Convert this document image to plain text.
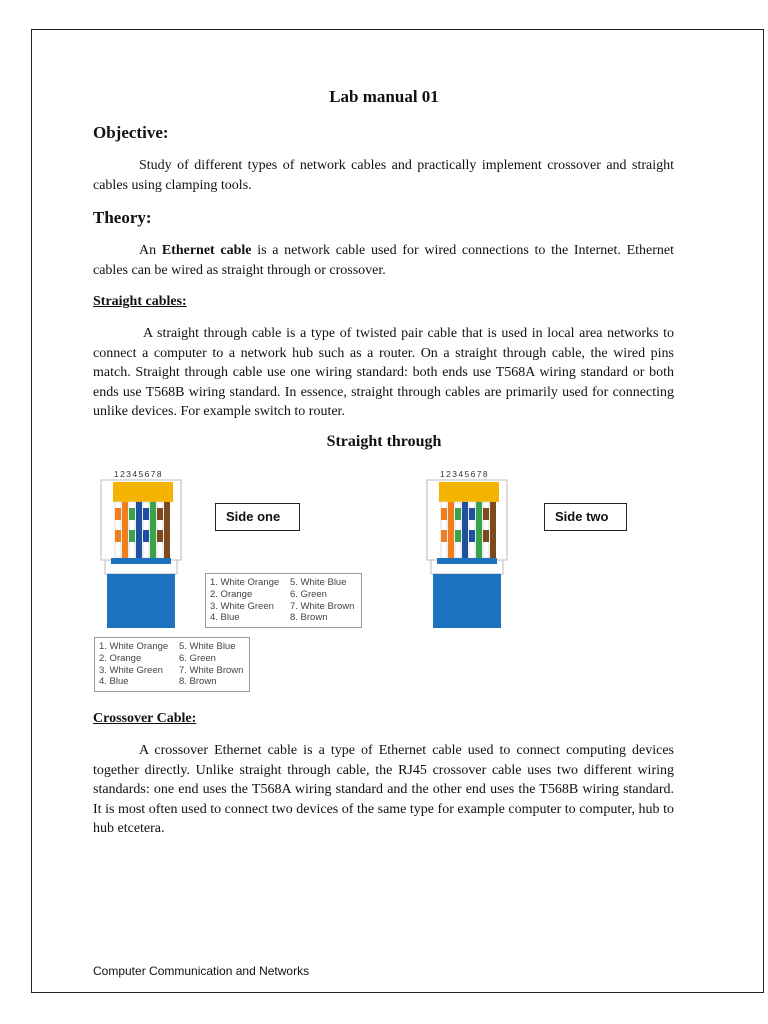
Lab manual 01
Objective:
Study of different types of network cables and practically implement crossover and straight cables using clamping tools.
Theory:
An Ethernet cable is a network cable used for wired connections to the Internet. Ethernet cables can be wired as straight through or crossover.
Straight cables:
A straight through cable is a type of twisted pair cable that is used in local area networks to connect a computer to a network hub such as a router. On a straight through cable, the wired pins match. Straight through cable use one wiring standard: both ends use T568A wiring standard or both ends use T568B wiring standard. In essence, straight through cables are primarily used for connecting unlike devices. For example switch to router.
Straight through
12345678	12345678
Side one	Side two
1. White Orange	5. White Blue
2. Orange	6. Green
3. White Green	7. White Brown
4. Blue	8. Brown
1. White Orange	5. White Blue
2. Orange	6. Green
3. White Green	7. White Brown
4. Blue	8. Brown
Crossover Cable:
A crossover Ethernet cable is a type of Ethernet cable used to connect computing devices together directly. Unlike straight through cable, the RJ45 crossover cable uses two different wiring standards: one end uses the T568A wiring standard and the other end uses the T568B wiring standard. It is most often used to connect two devices of the same type for example computer to computer, hub to hub etcetera.
Computer Communication and Networks
